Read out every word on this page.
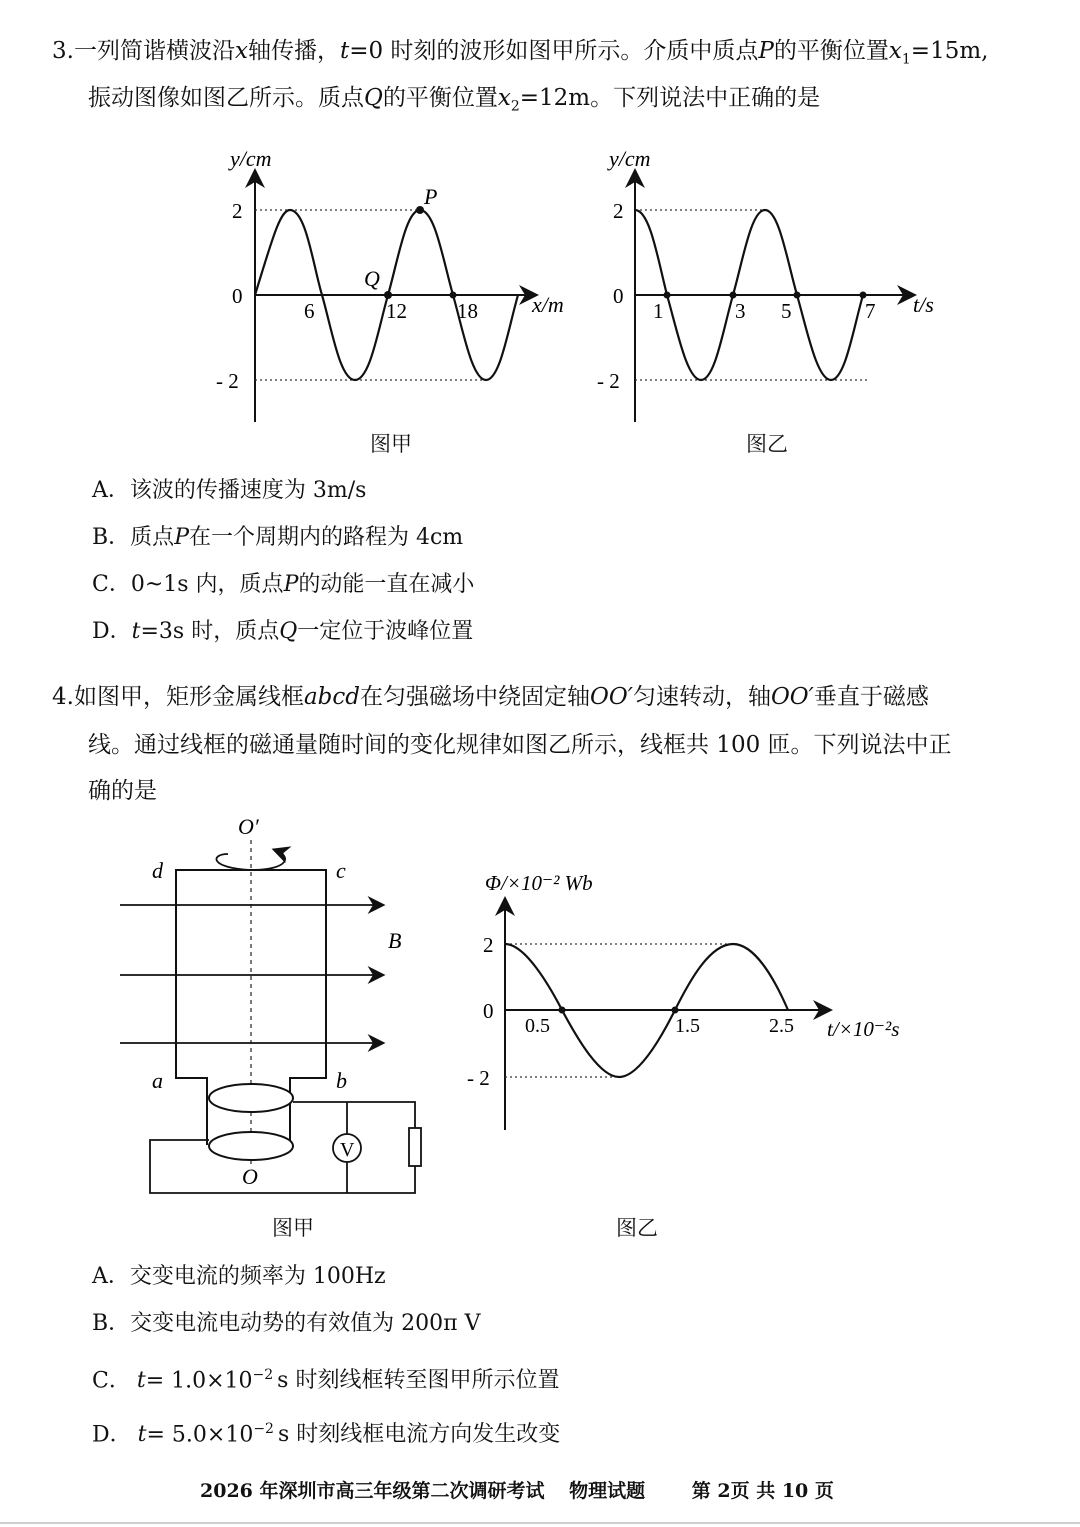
3.一列简谐横波沿x轴传播，t=0 时刻的波形如图甲所示。介质中质点P的平衡位置$x_1=15m$,
振动图像如图乙所示。质点Q的平衡位置$x_2=12m$。下列说法中正确的是
y/cm
2
0
- 2
6	12 18 x/m
P
Q
图甲
y/cm
2
0
- 2
1	3 5	7 t/s
图乙
A．该波的传播速度为 3m/s
B．质点P在一个周期内的路程为 4cm
C．0~1s 内，质点P的动能一直在减小
D．t=3s 时，质点Q一定位于波峰位置
4.如图甲，矩形金属线框abcd在匀强磁场中绕固定轴OO′匀速转动，轴OO′垂直于磁感
线。通过线框的磁通量随时间的变化规律如图乙所示，线框共 100 匝。下列说法中正
确的是
V
O′
d	c
a	b
B
O
图甲
Φ/×10⁻² Wb
2
0
- 2
0.5	1.5	2.5 t/×10⁻²s
图乙
A．交变电流的频率为 100Hz
B．交变电流电动势的有效值为 200π V
C． $t= 1.0\times 10^{-2}$ s 时刻线框转至图甲所示位置
D． $t= 5.0\times 10^{-2}$ s 时刻线框电流方向发生改变
2026 年深圳市高三年级第二次调研考试 物理试题 第 2页 共 10 页
